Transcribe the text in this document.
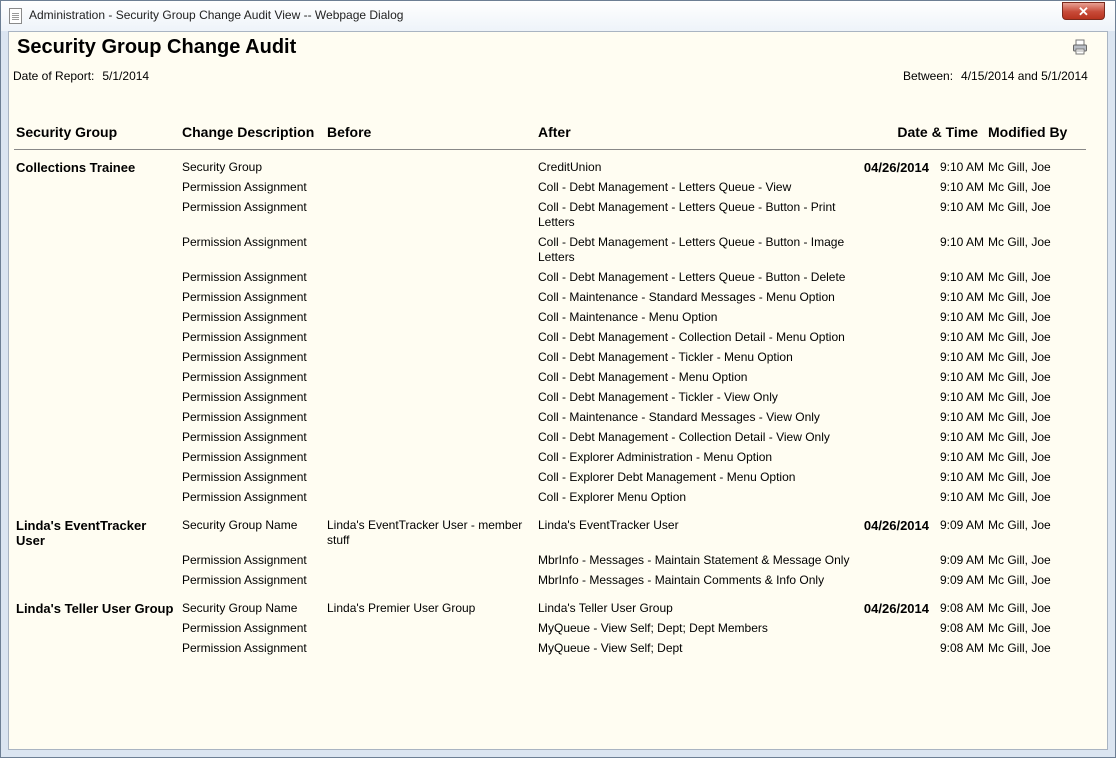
Administration - Security Group Change Audit View -- Webpage Dialog	✕
Security Group Change Audit
Date of Report: 5/1/2014	Between: 4/15/2014 and 5/1/2014
Security Group	Change Description	Before	After	Date & Time		Modified By
Collections Trainee	Security Group		CreditUnion	04/26/2014	9:10 AM	Mc Gill, Joe
	Permission Assignment		Coll - Debt Management - Letters Queue - View		9:10 AM	Mc Gill, Joe
	Permission Assignment		Coll - Debt Management - Letters Queue - Button - Print Letters		9:10 AM	Mc Gill, Joe
	Permission Assignment		Coll - Debt Management - Letters Queue - Button - Image Letters		9:10 AM	Mc Gill, Joe
	Permission Assignment		Coll - Debt Management - Letters Queue - Button - Delete		9:10 AM	Mc Gill, Joe
	Permission Assignment		Coll - Maintenance - Standard Messages - Menu Option		9:10 AM	Mc Gill, Joe
	Permission Assignment		Coll - Maintenance - Menu Option		9:10 AM	Mc Gill, Joe
	Permission Assignment		Coll - Debt Management - Collection Detail - Menu Option		9:10 AM	Mc Gill, Joe
	Permission Assignment		Coll - Debt Management - Tickler - Menu Option		9:10 AM	Mc Gill, Joe
	Permission Assignment		Coll - Debt Management - Menu Option		9:10 AM	Mc Gill, Joe
	Permission Assignment		Coll - Debt Management - Tickler - View Only		9:10 AM	Mc Gill, Joe
	Permission Assignment		Coll - Maintenance - Standard Messages - View Only		9:10 AM	Mc Gill, Joe
	Permission Assignment		Coll - Debt Management - Collection Detail - View Only		9:10 AM	Mc Gill, Joe
	Permission Assignment		Coll - Explorer Administration - Menu Option		9:10 AM	Mc Gill, Joe
	Permission Assignment		Coll - Explorer Debt Management - Menu Option		9:10 AM	Mc Gill, Joe
	Permission Assignment		Coll - Explorer Menu Option		9:10 AM	Mc Gill, Joe
Linda's EventTracker User	Security Group Name	Linda's EventTracker User - member stuff	Linda's EventTracker User	04/26/2014	9:09 AM	Mc Gill, Joe
	Permission Assignment		MbrInfo - Messages - Maintain Statement & Message Only		9:09 AM	Mc Gill, Joe
	Permission Assignment		MbrInfo - Messages - Maintain Comments & Info Only		9:09 AM	Mc Gill, Joe
Linda's Teller User Group	Security Group Name	Linda's Premier User Group	Linda's Teller User Group	04/26/2014	9:08 AM	Mc Gill, Joe
	Permission Assignment		MyQueue - View Self; Dept; Dept Members		9:08 AM	Mc Gill, Joe
	Permission Assignment		MyQueue - View Self; Dept		9:08 AM	Mc Gill, Joe
